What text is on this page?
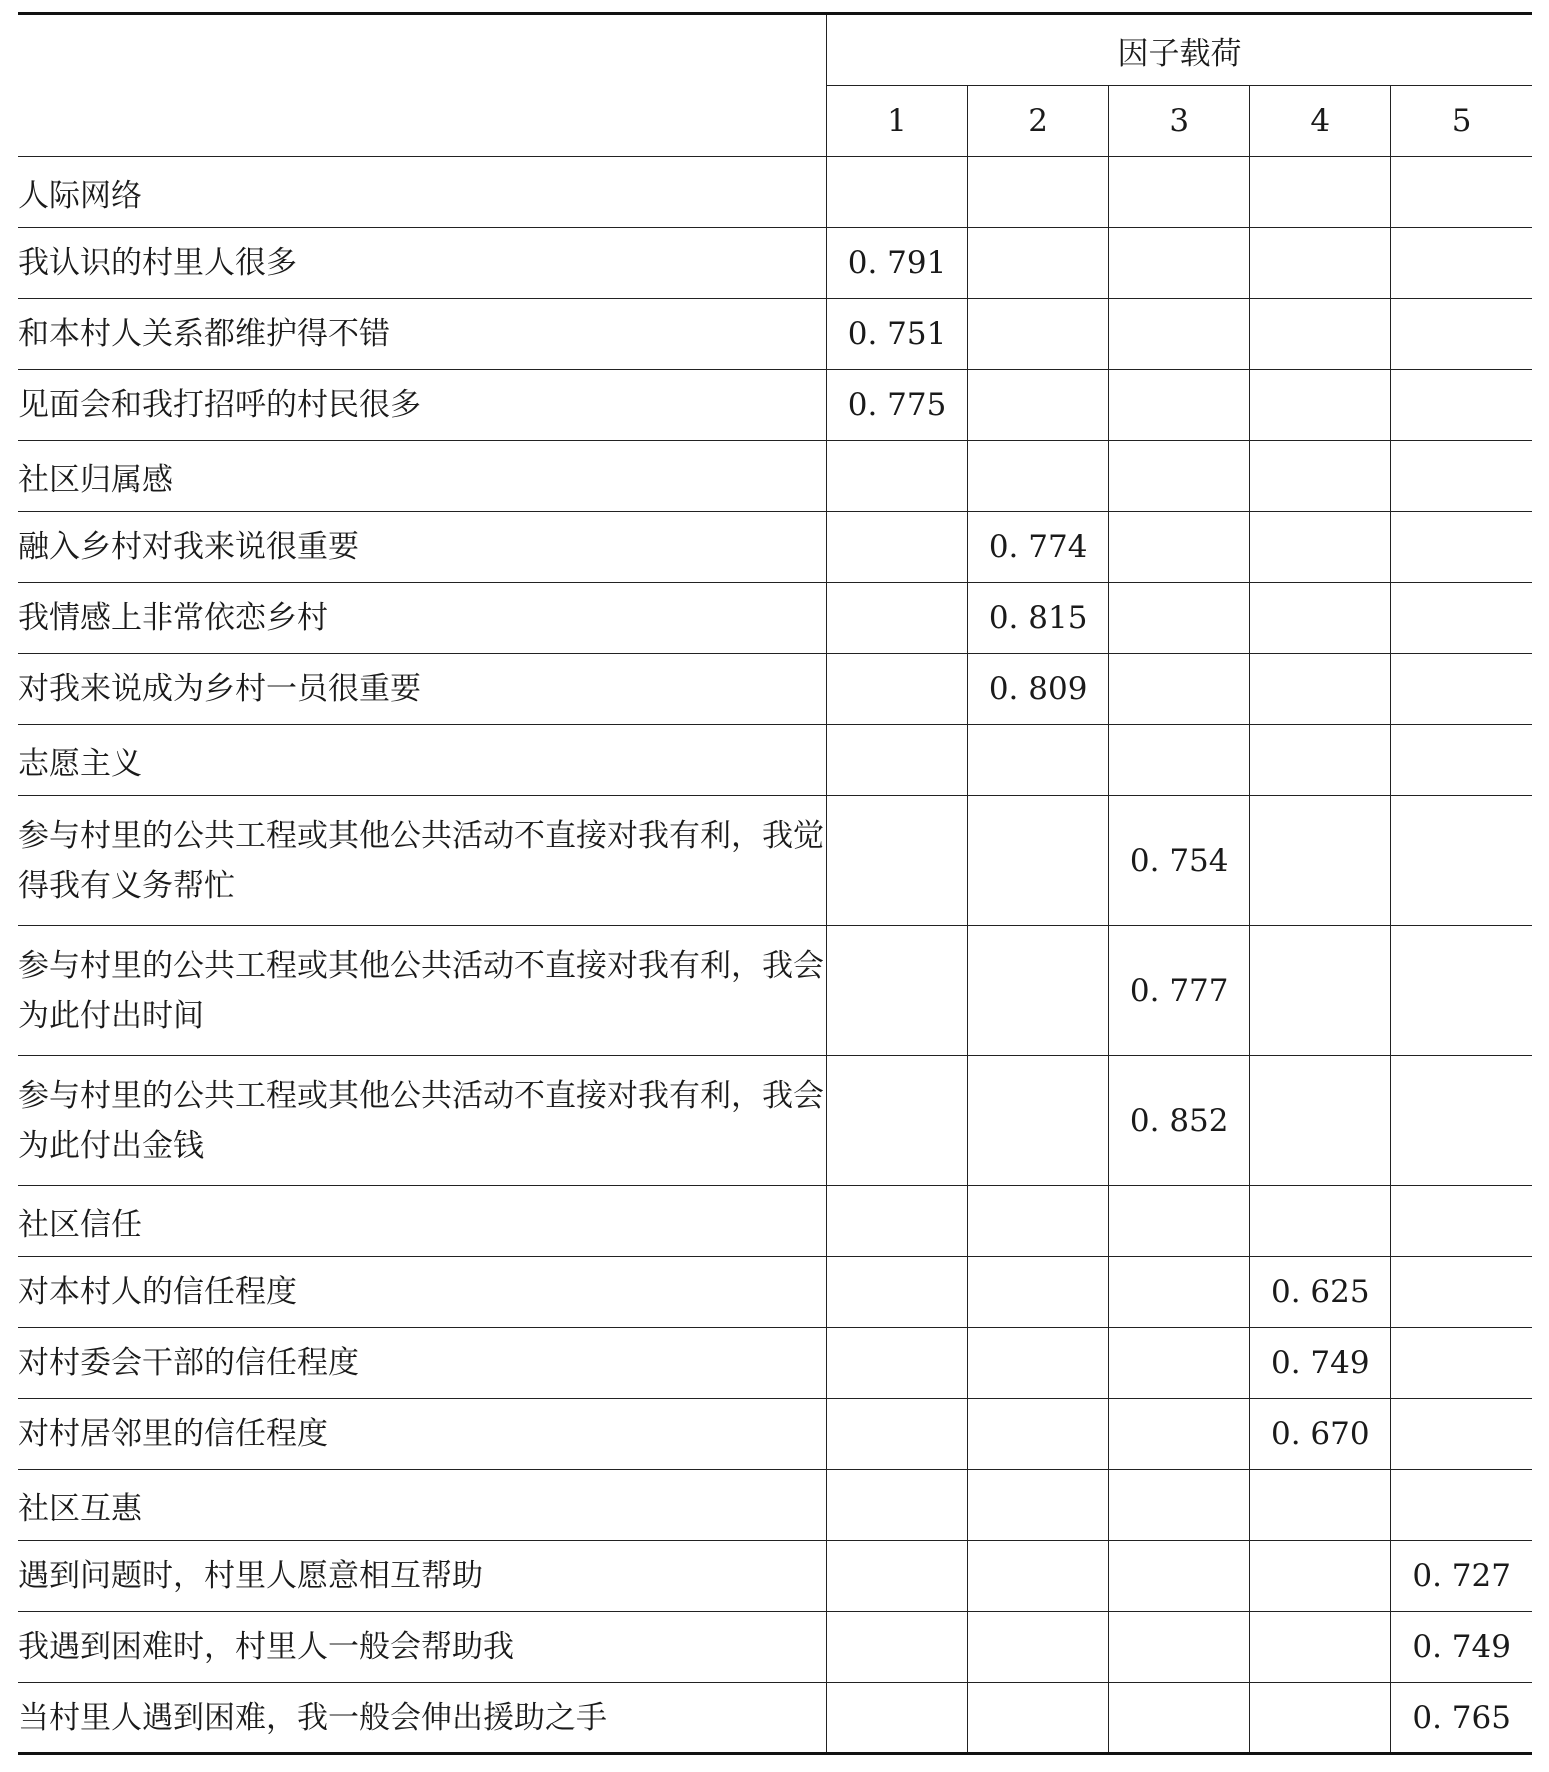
	因子载荷				
	1	2	3	4	5
人际网络					
我认识的村里人很多	0. 791				
和本村人关系都维护得不错	0. 751				
见面会和我打招呼的村民很多	0. 775				
社区归属感					
融入乡村对我来说很重要		0. 774			
我情感上非常依恋乡村		0. 815			
对我来说成为乡村一员很重要		0. 809			
志愿主义					
参与村里的公共工程或其他公共活动不直接对我有利，我觉得我有义务帮忙			0. 754		
参与村里的公共工程或其他公共活动不直接对我有利，我会为此付出时间			0. 777		
参与村里的公共工程或其他公共活动不直接对我有利，我会为此付出金钱			0. 852		
社区信任					
对本村人的信任程度				0. 625	
对村委会干部的信任程度				0. 749	
对村居邻里的信任程度				0. 670	
社区互惠					
遇到问题时，村里人愿意相互帮助					0. 727
我遇到困难时，村里人一般会帮助我					0. 749
当村里人遇到困难，我一般会伸出援助之手					0. 765
